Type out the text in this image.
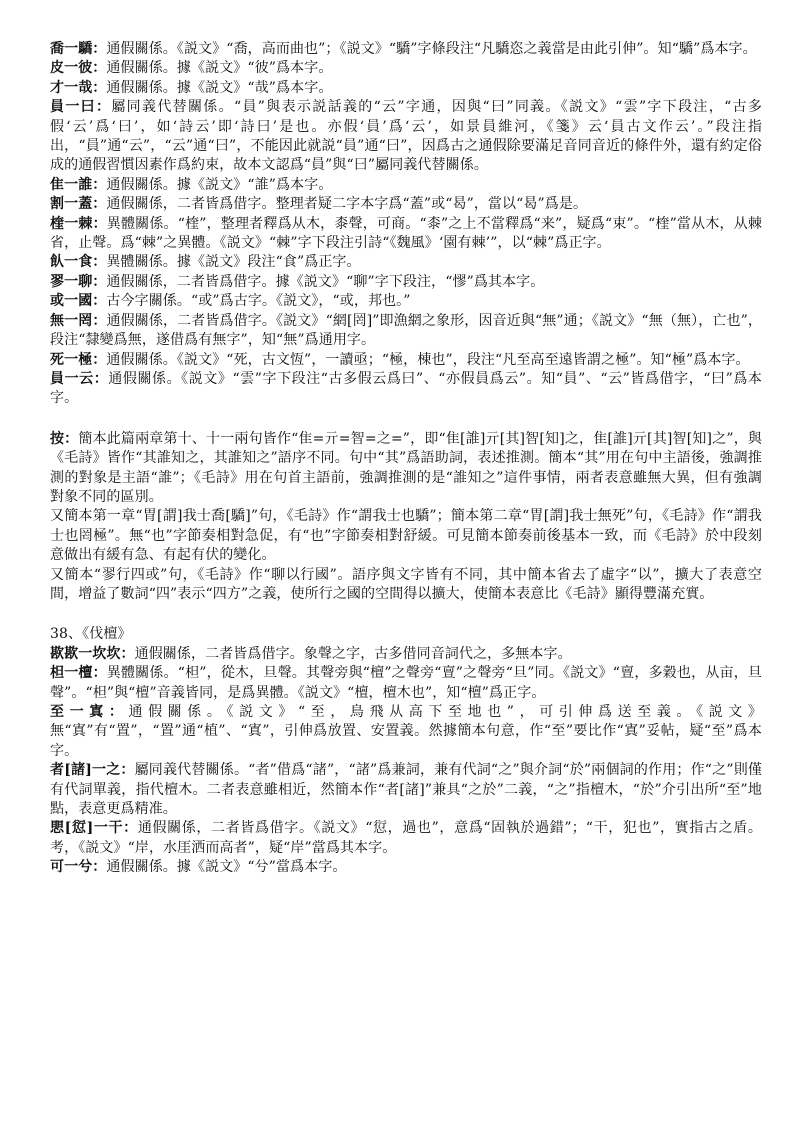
喬一驕：通假關係。《説文》“喬，高而曲也”；《説文》“驕”字條段注“凡驕恣之義當是由此引伸”。知“驕”爲本字。

皮一彼：通假關係。據《説文》“彼”爲本字。

才一哉：通假關係。據《説文》“哉”爲本字。

員一曰：屬同義代替關係。“員”與表示説話義的“云”字通，因與“曰”同義。《説文》“雲”字下段注，“古多假‘云’爲‘曰’，如‘詩云’即‘詩曰’是也。亦假‘員’爲‘云’，如景員維河，《箋》云‘員古文作云’。”段注指出，“員”通“云”，“云”通“曰”，不能因此就説“員”通“曰”，因爲古之通假除要滿足音同音近的條件外，還有約定俗成的通假習慣因素作爲約束，故本文認爲“員”與“曰”屬同義代替關係。

隹一誰：通假關係。據《説文》“誰”爲本字。

割一蓋：通假關係，二者皆爲借字。整理者疑二字本字爲“蓋”或“曷”，當以“曷”爲是。

楏一棘：異體關係。“楏”，整理者釋爲从木，桼聲，可商。“桼”之上不當釋爲“来”，疑爲“束”。“楏”當从木，从棘省，止聲。爲“棘”之異體。《説文》“棘”字下段注引詩“《魏風》‘園有棘’”，以“棘”爲正字。

飤一食：異體關係。據《説文》段注“食”爲正字。

翏一聊：通假關係，二者皆爲借字。據《説文》“聊”字下段注，“憀”爲其本字。

或一國：古今字關係。“或”爲古字。《説文》，“或，邦也。”

無一罔：通假關係，二者皆爲借字。《説文》“網[罔]”即漁網之象形，因音近與“無”通；《説文》“無（無），亡也”，段注“隸變爲無，遂借爲有無字”，知“無”爲通用字。

死一極：通假關係。《説文》“死，古文恆”，一讀亟；“極，棟也”，段注“凡至高至遠皆謂之極”。知“極”爲本字。

員一云：通假關係。《説文》“雲”字下段注“古多假云爲曰”、“亦假員爲云”。知“員”、“云”皆爲借字，“曰”爲本字。

按：簡本此篇兩章第十、十一兩句皆作“隹=亓=智=之=”，即“隹[誰]亓[其]智[知]之，隹[誰]亓[其]智[知]之”，與《毛詩》皆作“其誰知之，其誰知之”語序不同。句中“其”爲語助詞，表述推測。簡本“其”用在句中主語後，強調推測的對象是主語“誰”；《毛詩》用在句首主語前，強調推測的是“誰知之”這件事情，兩者表意雖無大異，但有強調對象不同的區別。

又簡本第一章“胃[謂]我士喬[驕]”句，《毛詩》作“謂我士也驕”；簡本第二章“胃[謂]我士無死”句，《毛詩》作“謂我士也罔極”。無“也”字節奏相對急促，有“也”字節奏相對舒緩。可見簡本節奏前後基本一致，而《毛詩》於中段刻意做出有緩有急、有起有伏的變化。

又簡本“翏行四或”句，《毛詩》作“聊以行國”。語序與文字皆有不同，其中簡本省去了虛字“以”，擴大了表意空間，增益了數詞“四”表示“四方”之義，使所行之國的空間得以擴大，使簡本表意比《毛詩》顯得豐滿充實。

38、《伐檀》

歁歁一坎坎：通假關係，二者皆爲借字。象聲之字，古多借同音詞代之，多無本字。

柦一檀：異體關係。“柦”，從木，旦聲。其聲旁與“檀”之聲旁“亶”之聲旁“旦”同。《説文》“亶，多穀也，从亩，旦聲”。“柦”與“檀”音義皆同，是爲異體。《説文》“檀，檀木也”，知“檀”爲正字。

至一寘：通假關係。《説文》“至，鳥飛从高下至地也”，可引伸爲送至義。《説文》無“寘”有“置”，“置”通“植”、“寘”，引伸爲放置、安置義。然據簡本句意，作“至”要比作“寘”妥帖，疑“至”爲本字。

者[諸]一之：屬同義代替關係。“者”借爲“諸”，“諸”爲兼詞，兼有代詞“之”與介詞“於”兩個詞的作用；作“之”則僅有代詞單義，指代檀木。二者表意雖相近，然簡本作“者[諸]”兼具“之於”二義，“之”指檀木，“於”介引出所“至”地點，表意更爲精准。

愳[愆]一干：通假關係，二者皆爲借字。《説文》“愆，過也”，意爲“固執於過錯”；“干，犯也”，實指古之盾。考，《説文》“岸，水厓洒而高者”，疑“岸”當爲其本字。

可一兮：通假關係。據《説文》“兮”當爲本字。
